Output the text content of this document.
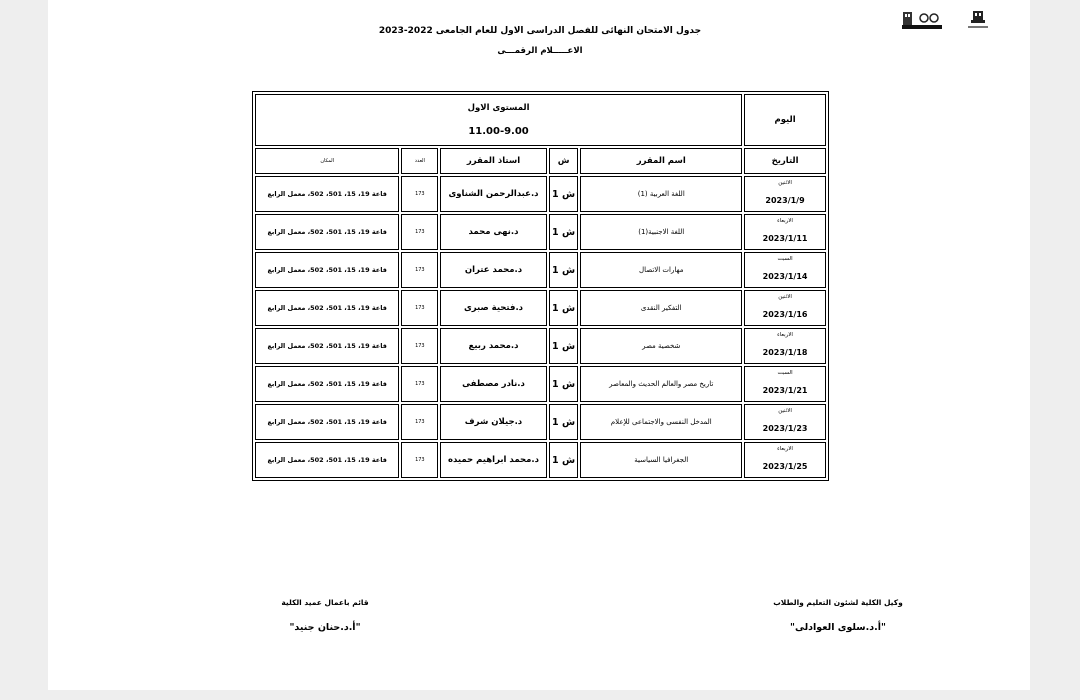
جدول الامتحان النهائى للفصل الدراسى الاول للعام الجامعى 2022-2023
الاعـــــلام الرقمـــى
اليوم	المستوى الاول
11.00-9.00				

التاريخ	اسم المقرر	ش	استاذ المقرر	العدد	المكان

الاثنين
2023/1/9	اللغة العربية (1)	ش 1	د.عبدالرحمن الشناوى	173	قاعة 19، 15، 501، 502، معمل الرابع

الاربعاء
2023/1/11	اللغة الاجنبية(1)	ش 1	د.نهى محمد	173	قاعة 19، 15، 501، 502، معمل الرابع

السبت
2023/1/14	مهارات الاتصال	ش 1	د.محمد عتران	173	قاعة 19، 15، 501، 502، معمل الرابع

الاثنين
2023/1/16	التفكير النقدى	ش 1	د.فتحية صبرى	173	قاعة 19، 15، 501، 502، معمل الرابع

الاربعاء
2023/1/18	شخصية مصر	ش 1	د.محمد ربيع	173	قاعة 19، 15، 501، 502، معمل الرابع

السبت
2023/1/21	تاريخ مصر والعالم الحديث والمعاصر	ش 1	د.نادر مصطفى	173	قاعة 19، 15، 501، 502، معمل الرابع

الاثنين
2023/1/23	المدخل النفسى والاجتماعى للإعلام	ش 1	د.جيلان شرف	173	قاعة 19، 15، 501، 502، معمل الرابع

الاربعاء
2023/1/25	الجغرافيا السياسية	ش 1	د.محمد ابراهيم حميده	173	قاعة 19، 15، 501، 502، معمل الرابع
وكيل الكلية لشئون التعليم والطلاب
"أ.د.سلوى العوادلى"
قائم باعمال عميد الكلية
"أ.د.حنان جنيد"
